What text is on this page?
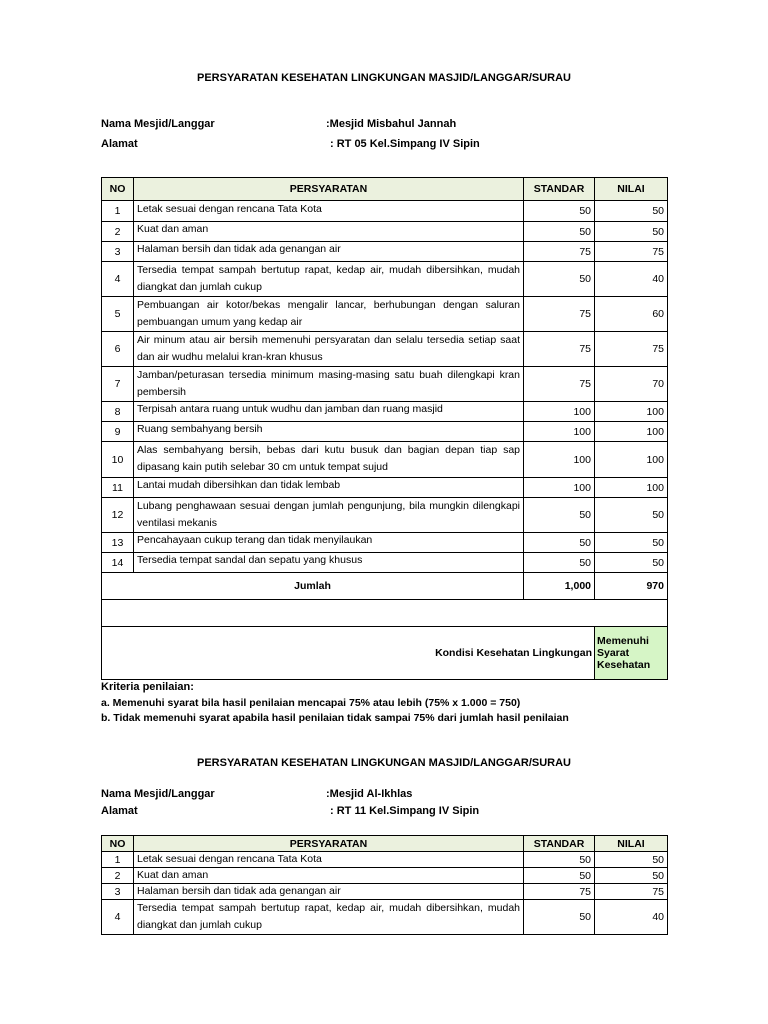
PERSYARATAN KESEHATAN LINGKUNGAN MASJID/LANGGAR/SURAU
Nama Mesjid/Langgar	:Mesjid Misbahul Jannah
Alamat	: RT 05 Kel.Simpang IV Sipin
NO	PERSYARATAN	STANDAR	NILAI
1	Letak sesuai dengan rencana Tata Kota	50	50
2	Kuat dan aman	50	50
3	Halaman bersih dan tidak ada genangan air	75	75
4	Tersedia tempat sampah bertutup rapat, kedap air, mudah dibersihkan, mudah diangkat dan jumlah cukup	50	40
5	Pembuangan air kotor/bekas mengalir lancar, berhubungan dengan saluran pembuangan umum yang kedap air	75	60
6	Air minum atau air bersih memenuhi persyaratan dan selalu tersedia setiap saat dan air wudhu melalui kran-kran khusus	75	75
7	Jamban/peturasan tersedia minimum masing-masing satu buah dilengkapi kran pembersih	75	70
8	Terpisah antara ruang untuk wudhu dan jamban dan ruang masjid	100	100
9	Ruang sembahyang bersih	100	100
10	Alas sembahyang bersih, bebas dari kutu busuk dan bagian depan tiap sap dipasang kain putih selebar 30 cm untuk tempat sujud	100	100
11	Lantai mudah dibersihkan dan tidak lembab	100	100
12	Lubang penghawaan sesuai dengan jumlah pengunjung, bila mungkin dilengkapi ventilasi mekanis	50	50
13	Pencahayaan cukup terang dan tidak menyilaukan	50	50
14	Tersedia tempat sandal dan sepatu yang khusus	50	50
Jumlah		1,000	970

Kondisi Kesehatan Lingkungan			Memenuhi Syarat Kesehatan
Kriteria penilaian:
a. Memenuhi syarat bila hasil penilaian mencapai 75% atau lebih (75% x 1.000 = 750)
b. Tidak memenuhi syarat apabila hasil penilaian tidak sampai 75% dari jumlah hasil penilaian
PERSYARATAN KESEHATAN LINGKUNGAN MASJID/LANGGAR/SURAU
Nama Mesjid/Langgar	:Mesjid Al-Ikhlas
Alamat	: RT 11 Kel.Simpang IV Sipin
NO	PERSYARATAN	STANDAR	NILAI
1	Letak sesuai dengan rencana Tata Kota	50	50
2	Kuat dan aman	50	50
3	Halaman bersih dan tidak ada genangan air	75	75
4	Tersedia tempat sampah bertutup rapat, kedap air, mudah dibersihkan, mudah diangkat dan jumlah cukup	50	40
